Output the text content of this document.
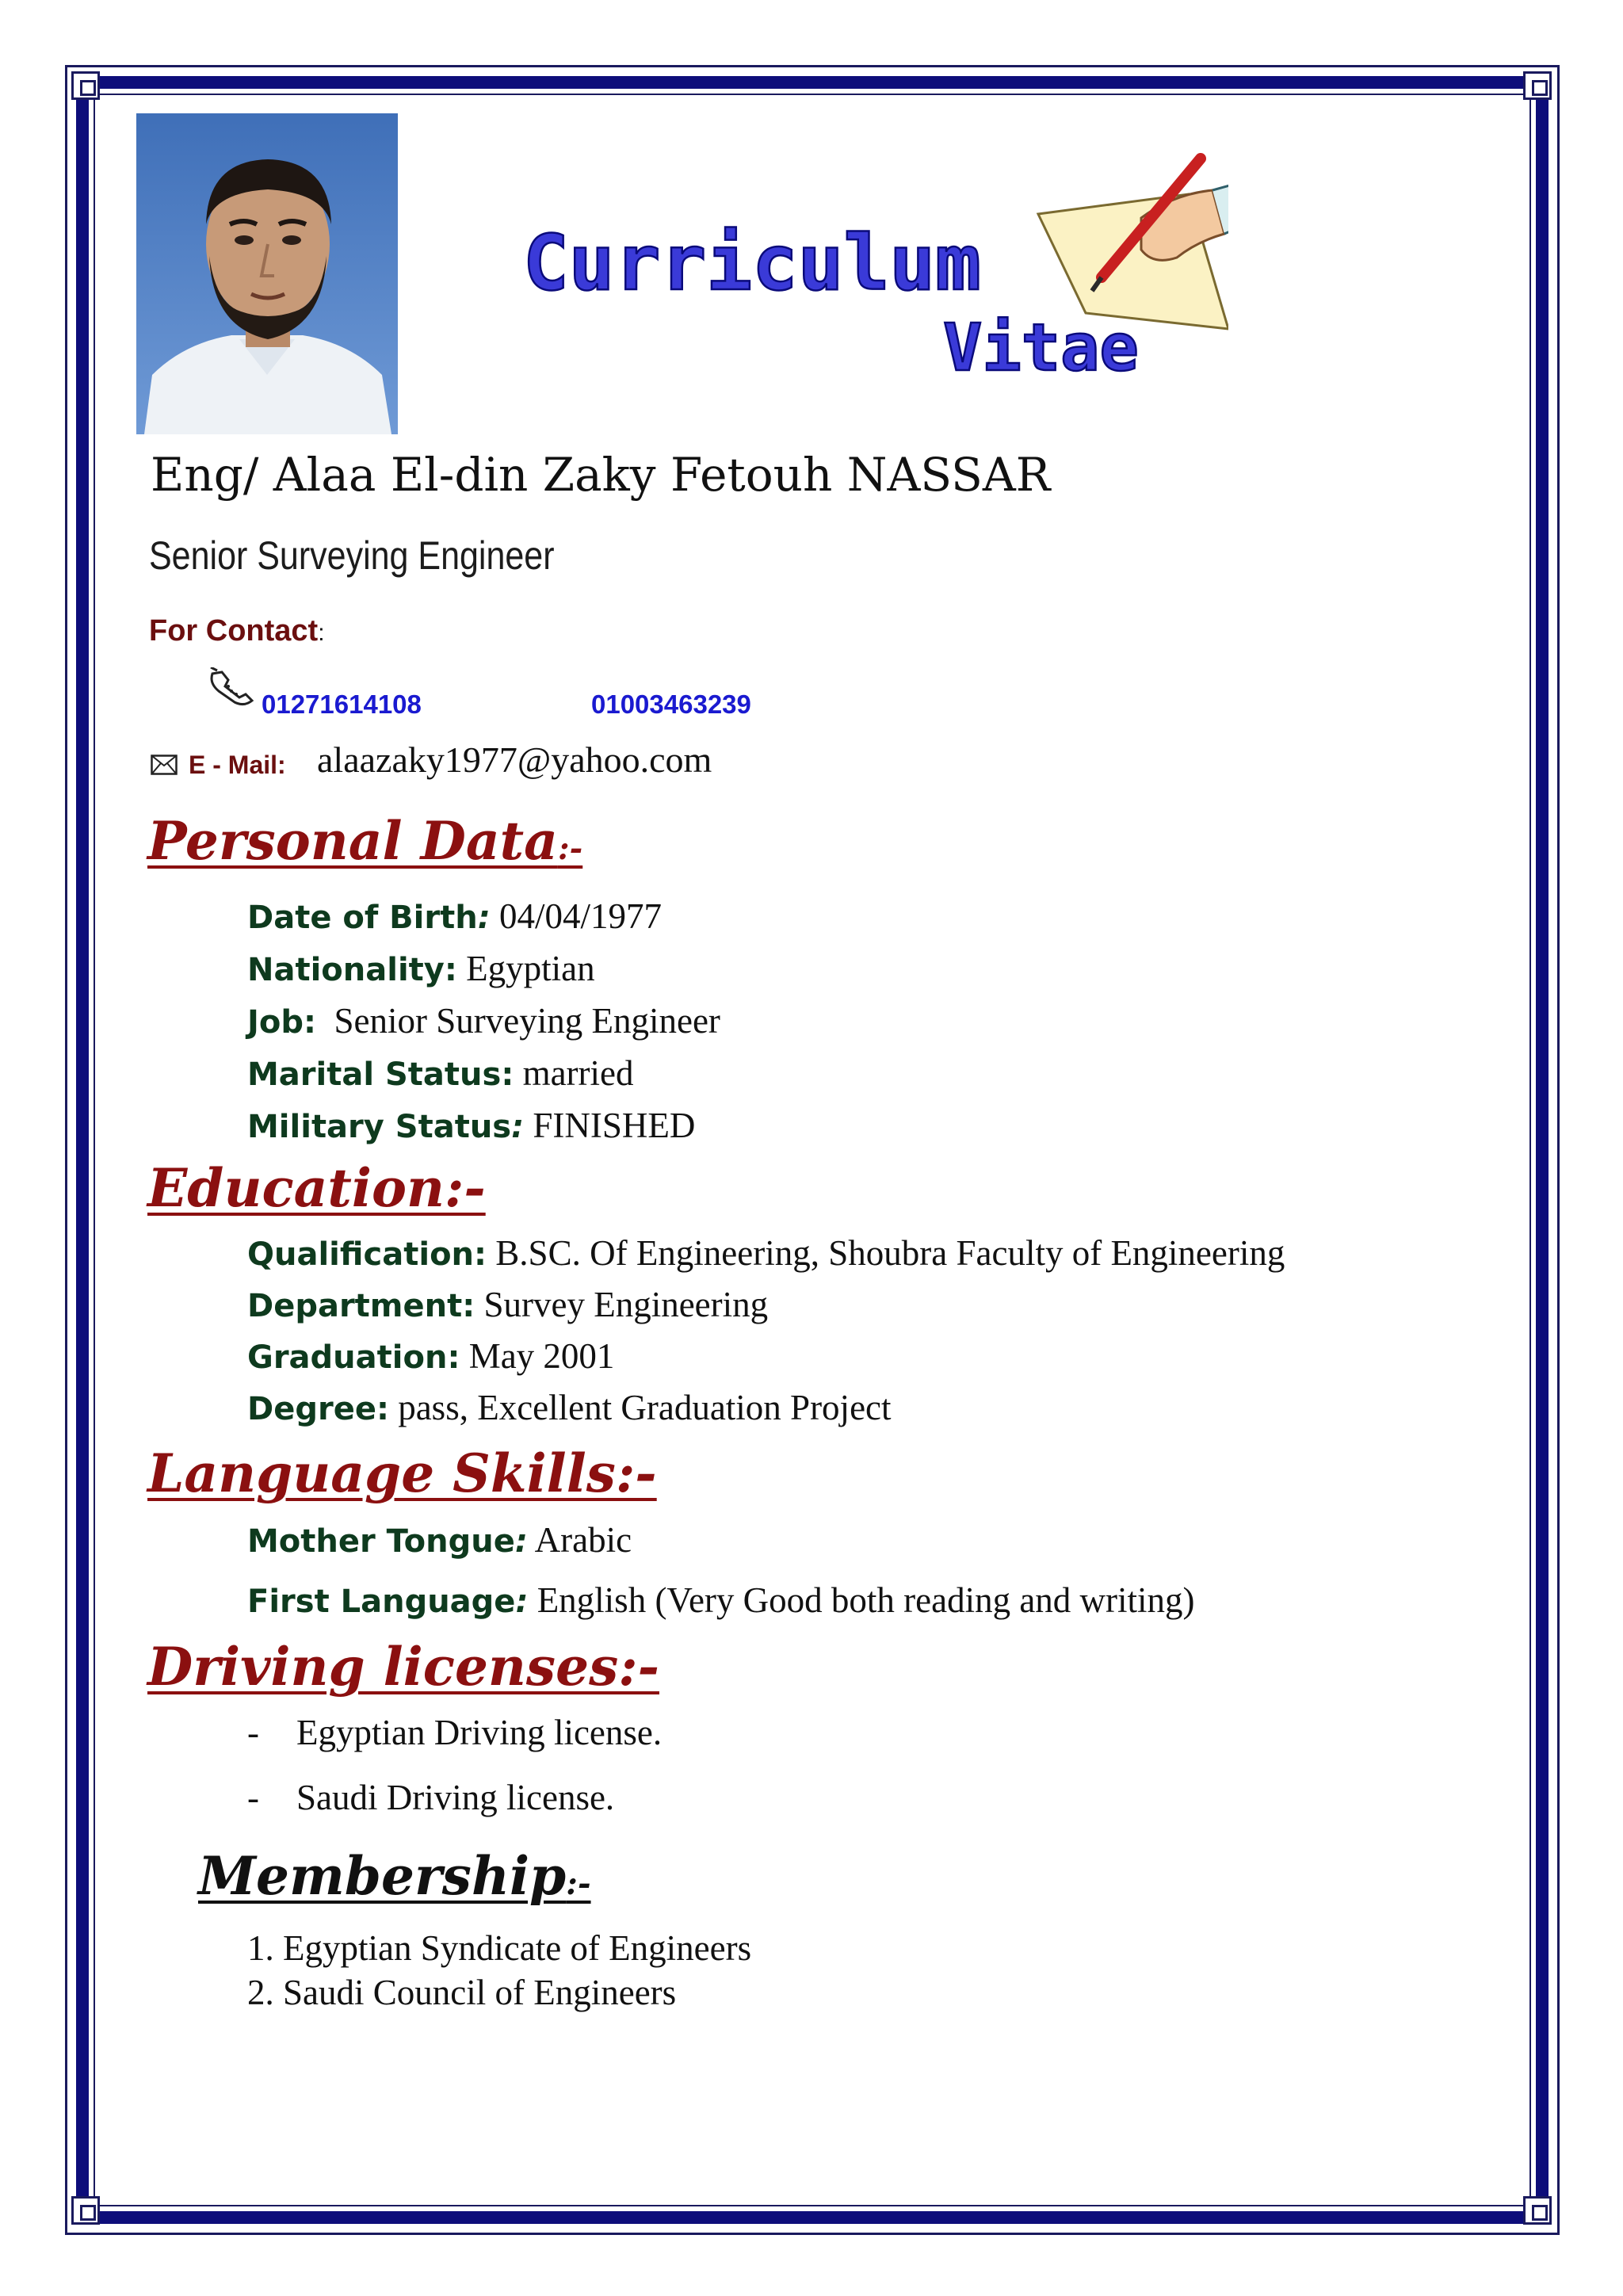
Curriculum
Vitae
Eng/ Alaa El-din Zaky Fetouh NASSAR
Senior Surveying Engineer
For Contact:
01271614108	01003463239
E - Mail: alaazaky1977@yahoo.com
Personal Data:-
Date of Birth: 04/04/1977
Nationality: Egyptian
Job:  Senior Surveying Engineer
Marital Status: married
Military Status: FINISHED
Education:-
Qualification: B.SC. Of Engineering, Shoubra Faculty of Engineering
Department: Survey Engineering
Graduation: May 2001
Degree: pass, Excellent Graduation Project
Language Skills:-
Mother Tongue: Arabic
First Language: English (Very Good both reading and writing)
Driving licenses:-
- Egyptian Driving license.
- Saudi Driving license.
Membership:-
1. Egyptian Syndicate of Engineers
2. Saudi Council of Engineers
